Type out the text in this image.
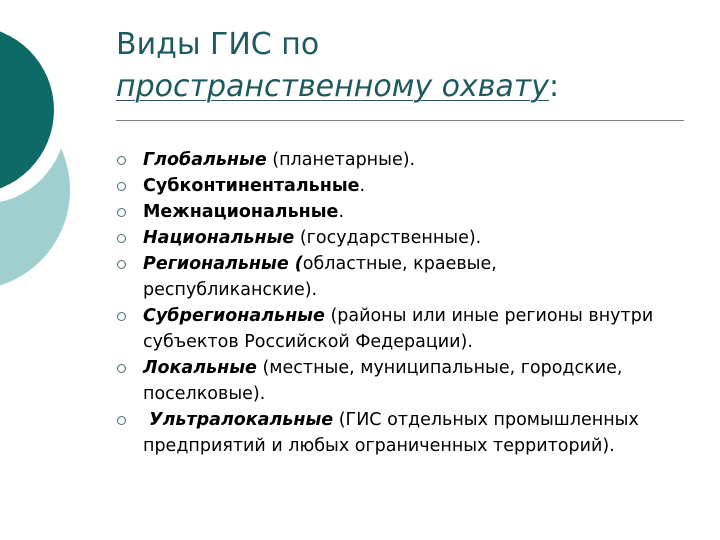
Виды ГИС по
пространственному охвату:
Глобальные (планетарные).
Субконтинентальные.
Межнациональные.
Национальные (государственные).
Региональные (областные, краевые, республиканские).
Субрегиональные (районы или иные регионы внутри субъектов Российской Федерации).
Локальные (местные, муниципальные, городские, поселковые).
Ультралокальные (ГИС отдельных промышленных предприятий и любых ограниченных территорий).
